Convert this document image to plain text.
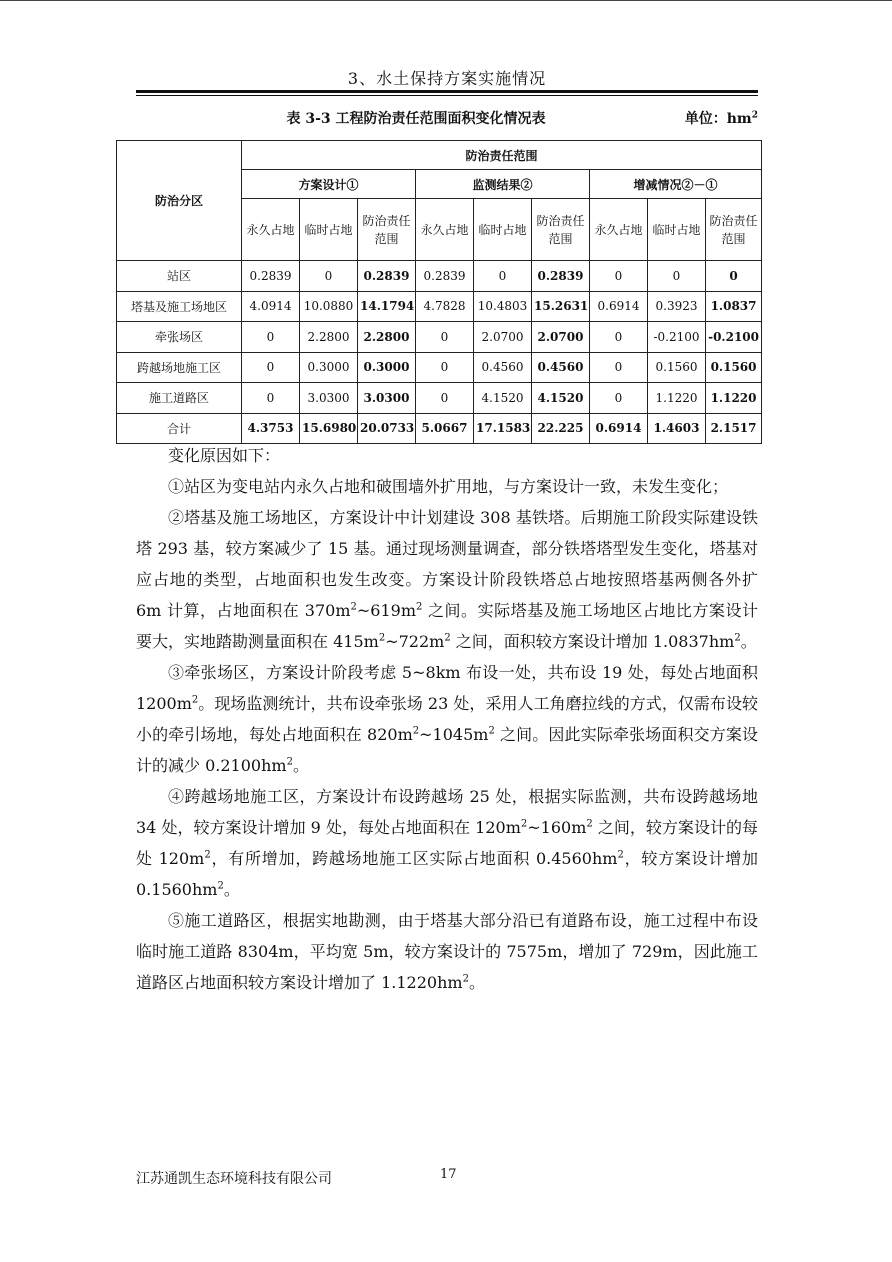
3、水土保持方案实施情况
表 3-3 工程防治责任范围面积变化情况表	单位：$hm^2$
防治分区	防治责任范围								
	方案设计①			监测结果②			增减情况②－①		
	永久占地	临时占地	防治责任范围	永久占地	临时占地	防治责任范围	永久占地	临时占地	防治责任范围
站区	0.2839	0	0.2839	0.2839	0	0.2839	0	0	0
塔基及施工场地区	4.0914	10.0880	14.1794	4.7828	10.4803	15.2631	0.6914	0.3923	1.0837
牵张场区	0	2.2800	2.2800	0	2.0700	2.0700	0	-0.2100	-0.2100
跨越场地施工区	0	0.3000	0.3000	0	0.4560	0.4560	0	0.1560	0.1560
施工道路区	0	3.0300	3.0300	0	4.1520	4.1520	0	1.1220	1.1220
合计	4.3753	15.6980	20.0733	5.0667	17.1583	22.225	0.6914	1.4603	2.1517

变化原因如下：

①站区为变电站内永久占地和破围墙外扩用地，与方案设计一致，未发生变化；

②塔基及施工场地区，方案设计中计划建设 308 基铁塔。后期施工阶段实际建设铁塔 293 基，较方案减少了 15 基。通过现场测量调查，部分铁塔塔型发生变化，塔基对应占地的类型，占地面积也发生改变。方案设计阶段铁塔总占地按照塔基两侧各外扩 6m 计算，占地面积在 $370m^2\sim 619m^2$ 之间。实际塔基及施工场地区占地比方案设计要大，实地踏勘测量面积在 $415m^2\sim 722m^2$ 之间，面积较方案设计增加 $1.0837hm^2$。

③牵张场区，方案设计阶段考虑 5~8km 布设一处，共布设 19 处，每处占地面积 $1200m^2$。现场监测统计，共布设牵张场 23 处，采用人工角磨拉线的方式，仅需布设较小的牵引场地，每处占地面积在 $820m^2\sim 1045m^2$ 之间。因此实际牵张场面积交方案设计的减少 $0.2100hm^2$。

④跨越场地施工区，方案设计布设跨越场 25 处，根据实际监测，共布设跨越场地 34 处，较方案设计增加 9 处，每处占地面积在 $120m^2\sim 160m^2$ 之间，较方案设计的每处 $120m^2$，有所增加，跨越场地施工区实际占地面积 $0.4560hm^2$，较方案设计增加 $0.1560hm^2$。

⑤施工道路区，根据实地勘测，由于塔基大部分沿已有道路布设，施工过程中布设临时施工道路 8304m，平均宽 5m，较方案设计的 7575m，增加了 729m，因此施工道路区占地面积较方案设计增加了 $1.1220hm^2$。

江苏通凯生态环境科技有限公司	17
